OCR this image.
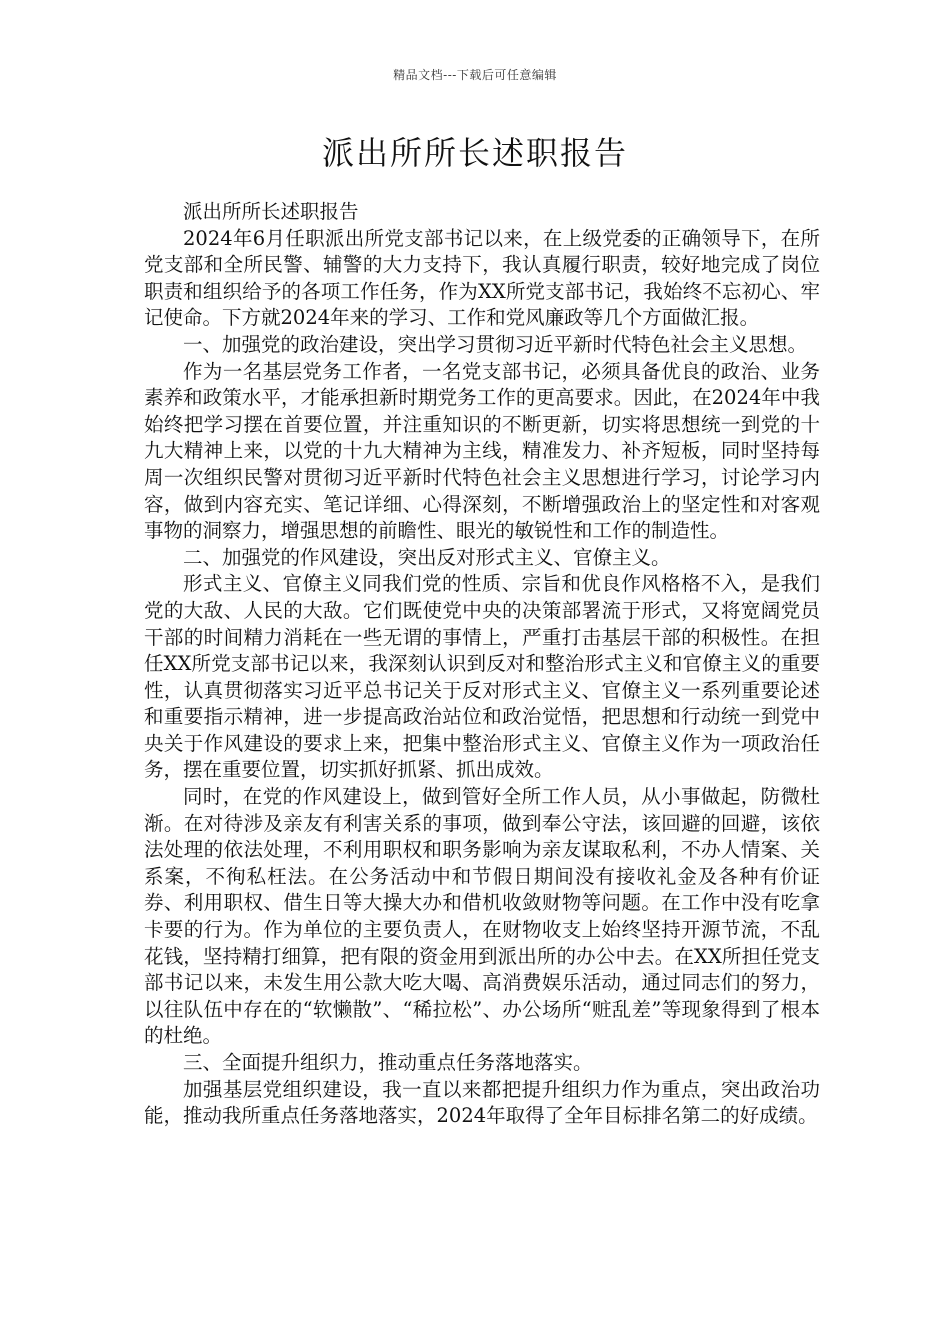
精品文档---下载后可任意编辑
派出所所长述职报告

派出所所长述职报告

2024年6月任职派出所党支部书记以来，在上级党委的正确领导下，在所党支部和全所民警、辅警的大力支持下，我认真履行职责，较好地完成了岗位职责和组织给予的各项工作任务，作为XX所党支部书记，我始终不忘初心、牢记使命。下方就2024年来的学习、工作和党风廉政等几个方面做汇报。

一、加强党的政治建设，突出学习贯彻习近平新时代特色社会主义思想。

作为一名基层党务工作者，一名党支部书记，必须具备优良的政治、业务素养和政策水平，才能承担新时期党务工作的更高要求。因此，在2024年中我始终把学习摆在首要位置，并注重知识的不断更新，切实将思想统一到党的十九大精神上来，以党的十九大精神为主线，精准发力、补齐短板，同时坚持每周一次组织民警对贯彻习近平新时代特色社会主义思想进行学习，讨论学习内容，做到内容充实、笔记详细、心得深刻，不断增强政治上的坚定性和对客观事物的洞察力，增强思想的前瞻性、眼光的敏锐性和工作的制造性。

二、加强党的作风建设，突出反对形式主义、官僚主义。

形式主义、官僚主义同我们党的性质、宗旨和优良作风格格不入，是我们党的大敌、人民的大敌。它们既使党中央的决策部署流于形式，又将宽阔党员干部的时间精力消耗在一些无谓的事情上，严重打击基层干部的积极性。在担任XX所党支部书记以来，我深刻认识到反对和整治形式主义和官僚主义的重要性，认真贯彻落实习近平总书记关于反对形式主义、官僚主义一系列重要论述和重要指示精神，进一步提高政治站位和政治觉悟，把思想和行动统一到党中央关于作风建设的要求上来，把集中整治形式主义、官僚主义作为一项政治任务，摆在重要位置，切实抓好抓紧、抓出成效。

同时，在党的作风建设上，做到管好全所工作人员，从小事做起，防微杜渐。在对待涉及亲友有利害关系的事项，做到奉公守法，该回避的回避，该依法处理的依法处理，不利用职权和职务影响为亲友谋取私利，不办人情案、关系案，不徇私枉法。在公务活动中和节假日期间没有接收礼金及各种有价证券、利用职权、借生日等大操大办和借机收敛财物等问题。在工作中没有吃拿卡要的行为。作为单位的主要负责人，在财物收支上始终坚持开源节流，不乱花钱，坚持精打细算，把有限的资金用到派出所的办公中去。在XX所担任党支部书记以来，未发生用公款大吃大喝、高消费娱乐活动，通过同志们的努力，以往队伍中存在的“软懒散”、“稀拉松”、办公场所“赃乱差”等现象得到了根本的杜绝。

三、全面提升组织力，推动重点任务落地落实。

加强基层党组织建设，我一直以来都把提升组织力作为重点，突出政治功能，推动我所重点任务落地落实，2024年取得了全年目标排名第二的好成绩。
